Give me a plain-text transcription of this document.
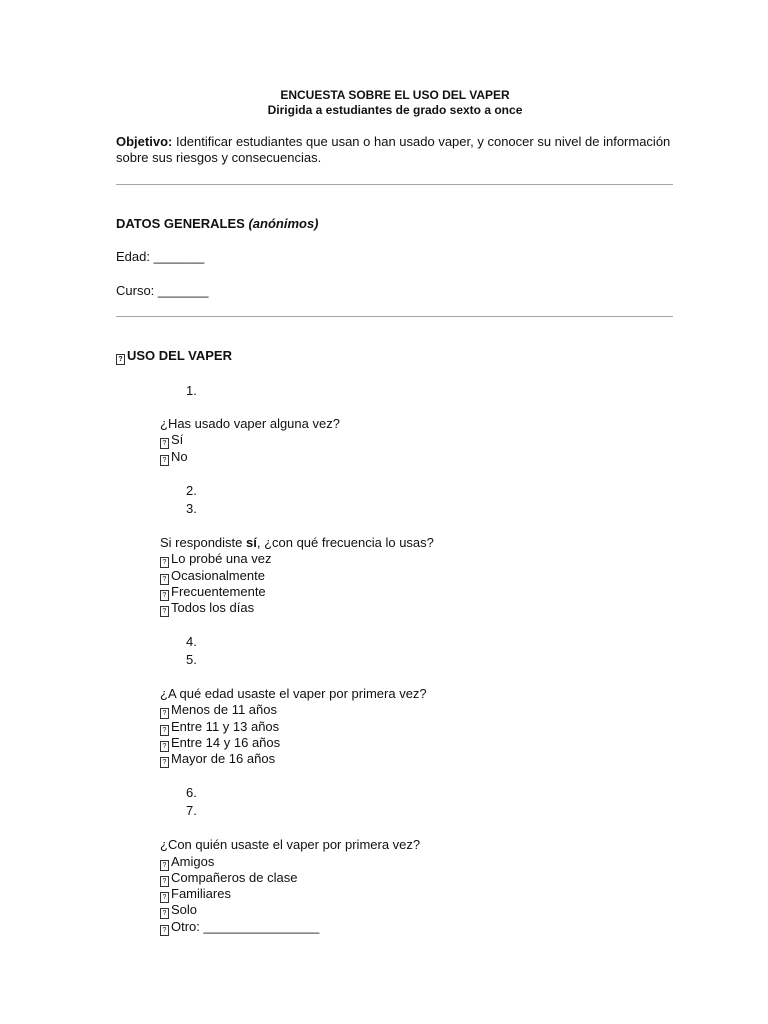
ENCUESTA SOBRE EL USO DEL VAPER
Dirigida a estudiantes de grado sexto a once
Objetivo: Identificar estudiantes que usan o han usado vaper, y conocer su nivel de información sobre sus riesgos y consecuencias.
DATOS GENERALES (anónimos)
Edad: _______
Curso: _______
? USO DEL VAPER
1.
¿Has usado vaper alguna vez?
? Sí
? No
2.
3.
Si respondiste sí, ¿con qué frecuencia lo usas?
? Lo probé una vez
? Ocasionalmente
? Frecuentemente
? Todos los días
4.
5.
¿A qué edad usaste el vaper por primera vez?
? Menos de 11 años
? Entre 11 y 13 años
? Entre 14 y 16 años
? Mayor de 16 años
6.
7.
¿Con quién usaste el vaper por primera vez?
? Amigos
? Compañeros de clase
? Familiares
? Solo
? Otro: ________________
